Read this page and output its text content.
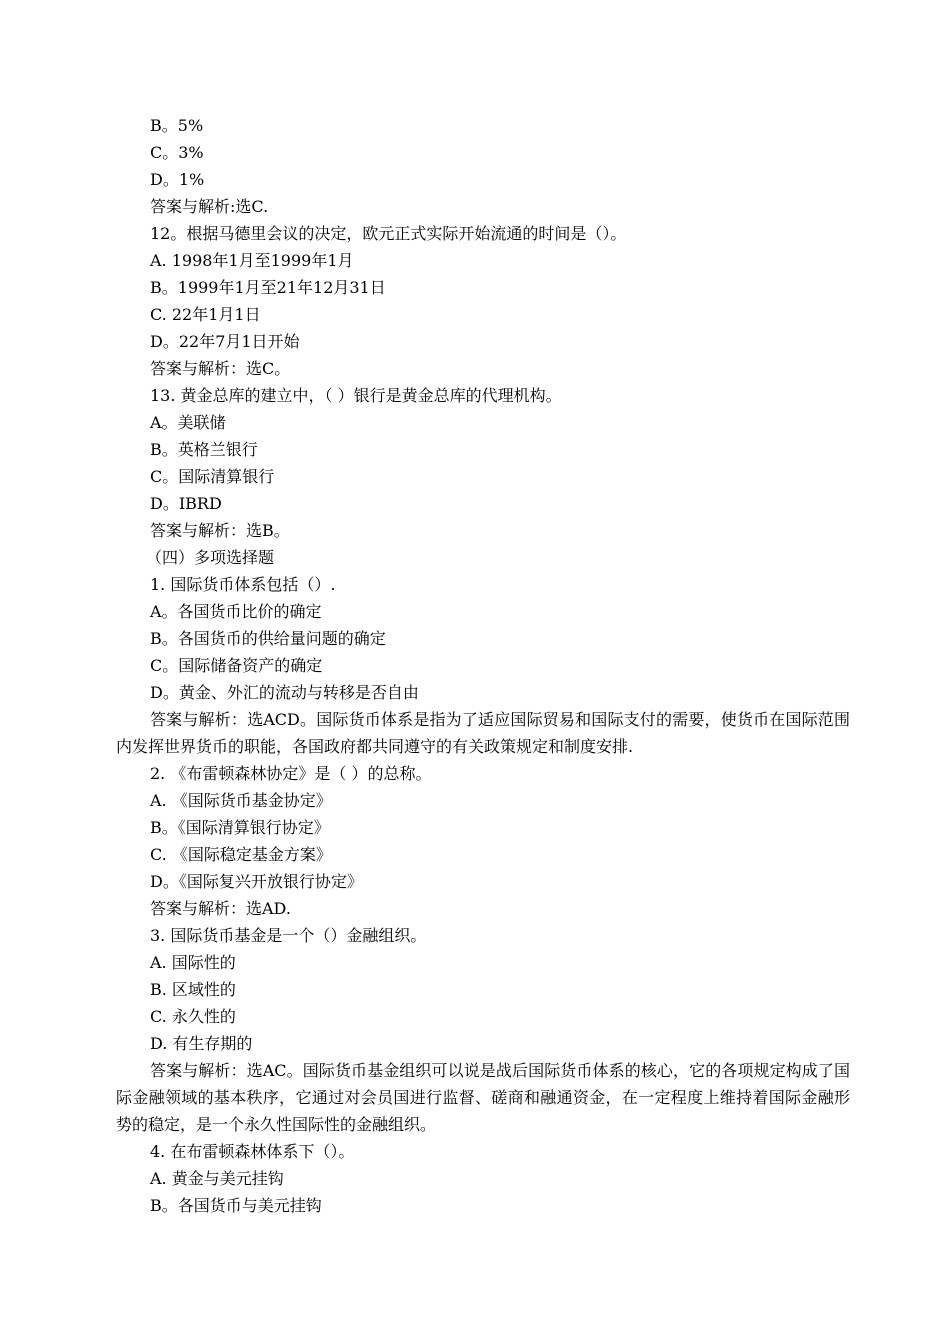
B。5%
C。3%
D。1%
答案与解析:选C.
12。根据马德里会议的决定，欧元正式实际开始流通的时间是（）。
A. 1998年1月至1999年1月
B。1999年1月至21年12月31日
C. 22年1月1日
D。22年7月1日开始
答案与解析：选C。
13. 黄金总库的建立中，（ ）银行是黄金总库的代理机构。
A。美联储
B。英格兰银行
C。国际清算银行
D。IBRD
答案与解析：选B。
（四）多项选择题
1. 国际货币体系包括（）.
A。各国货币比价的确定
B。各国货币的供给量问题的确定
C。国际储备资产的确定
D。黄金、外汇的流动与转移是否自由
答案与解析：选ACD。国际货币体系是指为了适应国际贸易和国际支付的需要，使货币在国际范围内发挥世界货币的职能，各国政府都共同遵守的有关政策规定和制度安排.
2. 《布雷顿森林协定》是（ ）的总称。
A. 《国际货币基金协定》
B。《国际清算银行协定》
C. 《国际稳定基金方案》
D。《国际复兴开放银行协定》
答案与解析：选AD.
3. 国际货币基金是一个（）金融组织。
A. 国际性的
B. 区域性的
C. 永久性的
D. 有生存期的
答案与解析：选AC。国际货币基金组织可以说是战后国际货币体系的核心，它的各项规定构成了国际金融领域的基本秩序，它通过对会员国进行监督、磋商和融通资金，在一定程度上维持着国际金融形势的稳定，是一个永久性国际性的金融组织。
4. 在布雷顿森林体系下（）。
A. 黄金与美元挂钩
B。各国货币与美元挂钩
